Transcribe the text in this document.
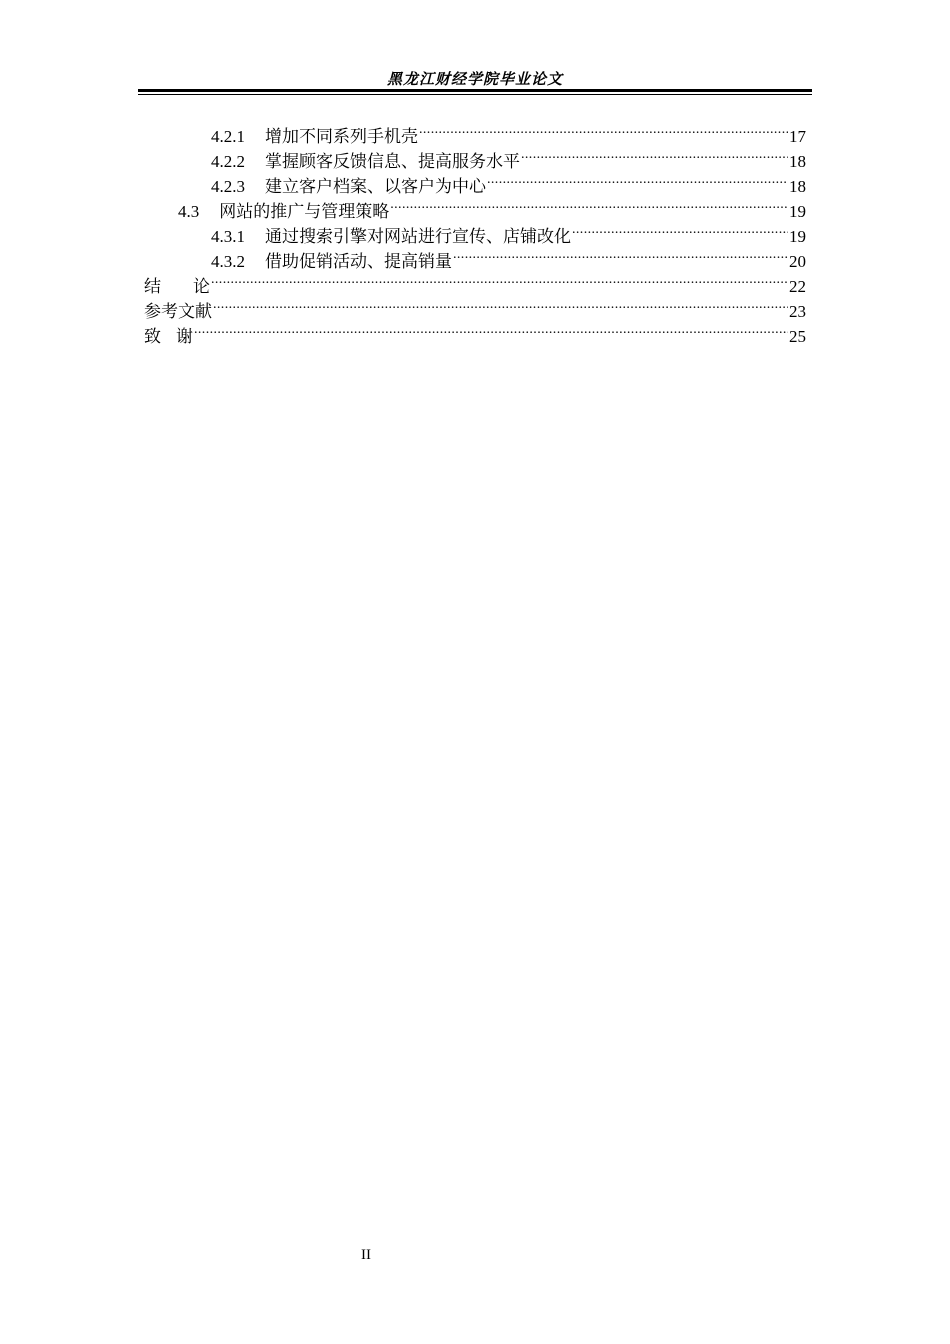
黑龙江财经学院毕业论文
4.2.1 增加不同系列手机壳 .....	17
4.2.2 掌握顾客反馈信息、提高服务水平 .....	18
4.2.3 建立客户档案、以客户为中心 .....	18
4.3 网站的推广与管理策略 .....	19
4.3.1 通过搜索引擎对网站进行宣传、店铺改化 .....	19
4.3.2 借助促销活动、提高销量 .....	20
结论 .....	22
参考文献 .....	23
致谢 .....	25
II
